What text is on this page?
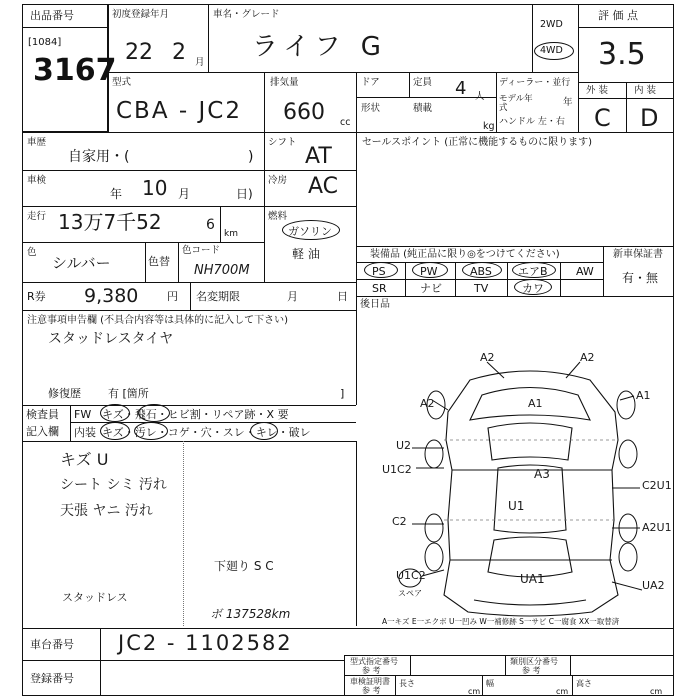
出品番号
[1084]
3167
初度登録年月
22 2 月
車名・グレード
ライフ G
2WD
4WD
評 価 点
3.5
型式
CBA - JC2
排気量
660 cc
ドア	定員 4 人
形状	積載
kg
ディーラー・並行
モデル年式	年
ハンドル 左・右
外 装	内 装
C D
車歴
自家用・(	)
シフト
AT
セールスポイント (正常に機能するものに限ります)
車検
年 10 月	日)
冷房 AC
走行 13万7千52	6
km
燃料
ガソリン
軽 油
色
シルバー	色替
色コード
NH700M
R券 9,380	円 名変期限	月	日
装備品 (純正品に限り◎をつけてください)	新車保証書
有・無
PS	PW	ABS エアB	AW
SR	ナビ	TV	カワ
後日品
注意事項申告欄 (不具合内容等は具体的に記入して下さい)
スタッドレスタイヤ
修復歴 有 [箇所	]
検査員
記入欄
FW キズ・飛石・ヒビ割・リペア跡・X 要
内装 キズ・汚レ・コゲ・穴・スレ・キレ・破レ
キズ U
シート シミ 汚れ
天張 ヤニ 汚れ
下廻り S C
スタッドレス
ボ 137528km
A2	A2
A2	A1
A1
U2
U1C2	A3
C2U1
C2
U1
A2U1
U1C2	UA1	UA2
スペア
A一キズ E一エクボ U一凹み W一補修跡 S一サビ C一腐食 XX一取替済
車台番号 JC2 - 1102582
登録番号
型式指定番号
参 考
類別区分番号
参 考
車検証明書
参 考
長さ
cm
幅
cm
高さ
cm
